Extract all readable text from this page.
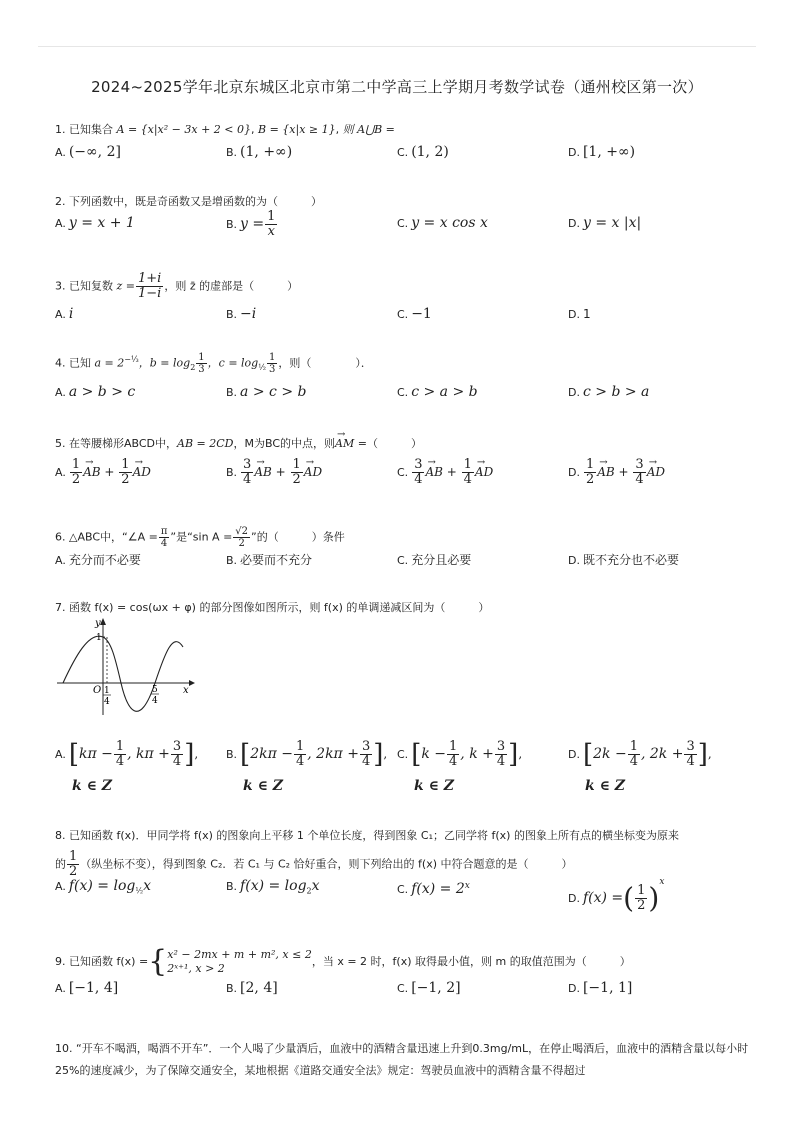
2024~2025学年北京东城区北京市第二中学高三上学期月考数学试卷（通州校区第一次）
1. 已知集合 A = {x|x² − 3x + 2 < 0}, B = {x|x ≥ 1}, 则 A⋃B =
A. (−∞, 2]	B. (1, +∞)	C. (1, 2)	D. [1, +∞)
2. 下列函数中，既是奇函数又是增函数的为（　　　）
A. y = x + 1	B. $y = \frac{1}{x}$	C. y = x cos x	D. y = x |x|
3. 已知复数 $z = \frac{1+i}{1-i}$ ，则 z̄ 的虚部是（　　　）
A. i	B. −i	C. −1	D. 1
4. 已知 $a = 2^{-\frac{1}{3}}$，$b = \log_2 \frac{1}{3}$ ，$c = \log_{\frac{1}{2}} \frac{1}{3}$ ，则（　　　　）．
A. a > b > c	B. a > c > b	C. c > a > b	D. c > b > a
5. 在等腰梯形ABCD中，AB = 2CD，M为BC的中点，则→ AM =（　　　）
A. $\frac{1}{2}$ → AB + $\frac{1}{2}$ → AD	B. $\frac{3}{4}$ → AB + $\frac{1}{2}$ → AD	C. $\frac{3}{4}$ → AB + $\frac{1}{4}$ → AD	D. $\frac{1}{2}$ → AB + $\frac{3}{4}$ → AD
6. △ABC中，“∠A = $\frac{\pi}{4}$ ”是“sin $A = \frac{√2}{2}$ ”的（　　　）条件
A. 充分而不必要	B. 必要而不充分	C. 充分且必要	D. 既不充分也不必要
7. 函数 f(x) = cos(ωx + φ) 的部分图像如图所示，则 f(x) 的单调递减区间为（　　　）
y
x
O
1
1
4
5
4
A. [$k\pi - \frac{1}{4}$ , $k\pi + \frac{3}{4}$ ],
k ∈ Z
B. [$2k\pi - \frac{1}{4}$ , $2k\pi + \frac{3}{4}$ ],
k ∈ Z
C. [$k - \frac{1}{4}$ , $k + \frac{3}{4}$ ],
k ∈ Z
D. [$2k - \frac{1}{4}$ , $2k + \frac{3}{4}$ ],
k ∈ Z
8. 已知函数 f(x)．甲同学将 f(x) 的图象向上平移 1 个单位长度，得到图象 C₁；乙同学将 f(x) 的图象上所有点的横坐标变为原来
的 $\frac{1}{2}$ （纵坐标不变），得到图象 C₂．若 C₁ 与 C₂ 恰好重合，则下列给出的 f(x) 中符合题意的是（　　　）
A. $f(x) = \log_{\frac{1}{2}}x$	B. $f(x) = \log_2x$	C. $f(x) = 2^x$
D. f(x) =( $\frac{1}{2} )^x$
9. 已知函数 f(x) ={ x² − 2mx + m + m², x ≤ 2
2ˣ⁺¹, x > 2
，当 x = 2 时，f(x) 取得最小值，则 m 的取值范围为（　　　）
A. [−1, 4]	B. [2, 4]	C. [−1, 2]	D. [−1, 1]
10. “开车不喝酒，喝酒不开车”．一个人喝了少量酒后，血液中的酒精含量迅速上升到0.3mg/mL，在停止喝酒后，血液中的酒精含量以每小时25%的速度减少，为了保障交通安全，某地根据《道路交通安全法》规定：驾驶员血液中的酒精含量不得超过
